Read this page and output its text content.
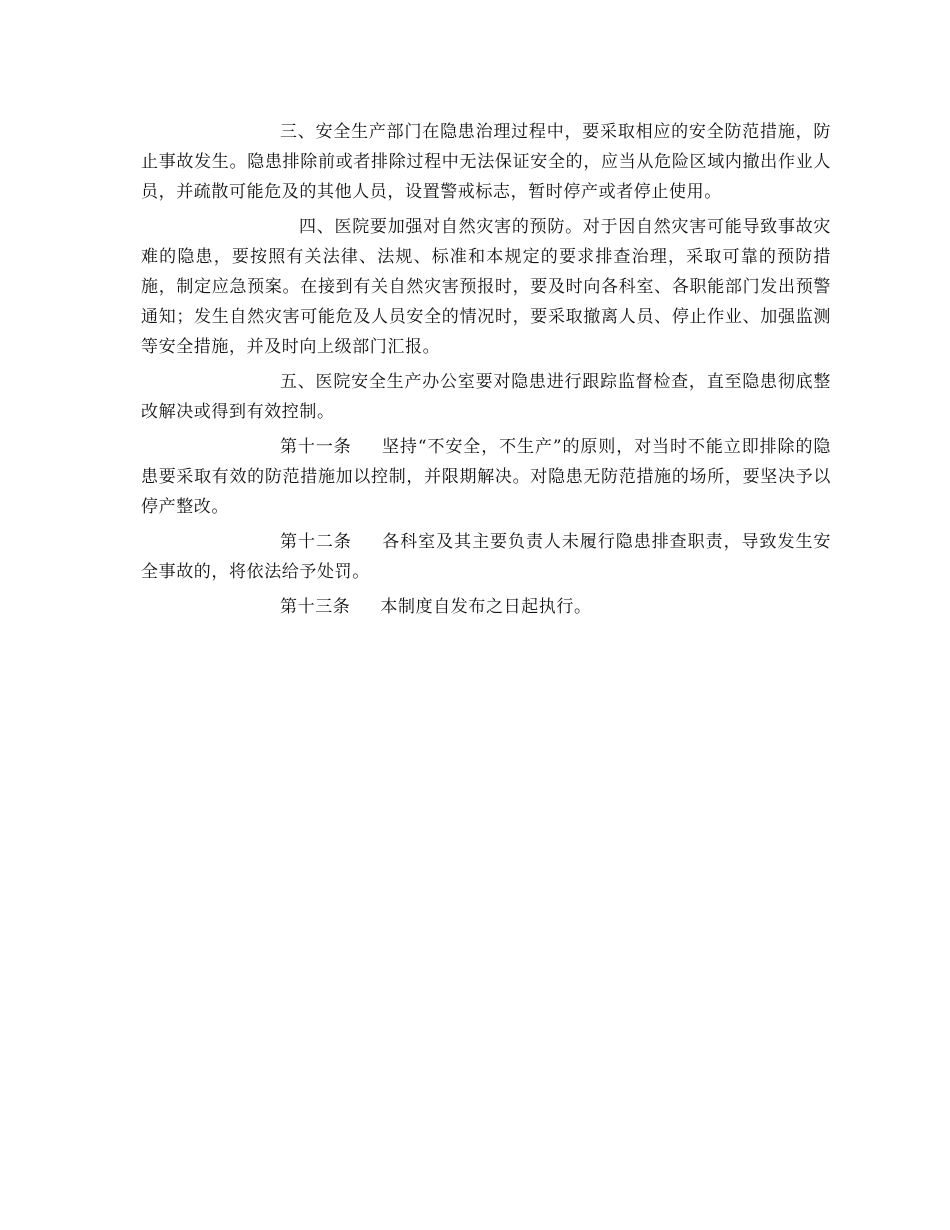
三、安全生产部门在隐患治理过程中，要采取相应的安全防范措施，防止事故发生。隐患排除前或者排除过程中无法保证安全的，应当从危险区域内撤出作业人员，并疏散可能危及的其他人员，设置警戒标志，暂时停产或者停止使用。

四、医院要加强对自然灾害的预防。对于因自然灾害可能导致事故灾难的隐患，要按照有关法律、法规、标准和本规定的要求排查治理，采取可靠的预防措施，制定应急预案。在接到有关自然灾害预报时，要及时向各科室、各职能部门发出预警通知；发生自然灾害可能危及人员安全的情况时，要采取撤离人员、停止作业、加强监测等安全措施，并及时向上级部门汇报。

五、医院安全生产办公室要对隐患进行跟踪监督检查，直至隐患彻底整改解决或得到有效控制。

第十一条 坚持“不安全，不生产”的原则，对当时不能立即排除的隐患要采取有效的防范措施加以控制，并限期解决。对隐患无防范措施的场所，要坚决予以停产整改。

第十二条 各科室及其主要负责人未履行隐患排查职责，导致发生安全事故的，将依法给予处罚。

第十三条 本制度自发布之日起执行。
